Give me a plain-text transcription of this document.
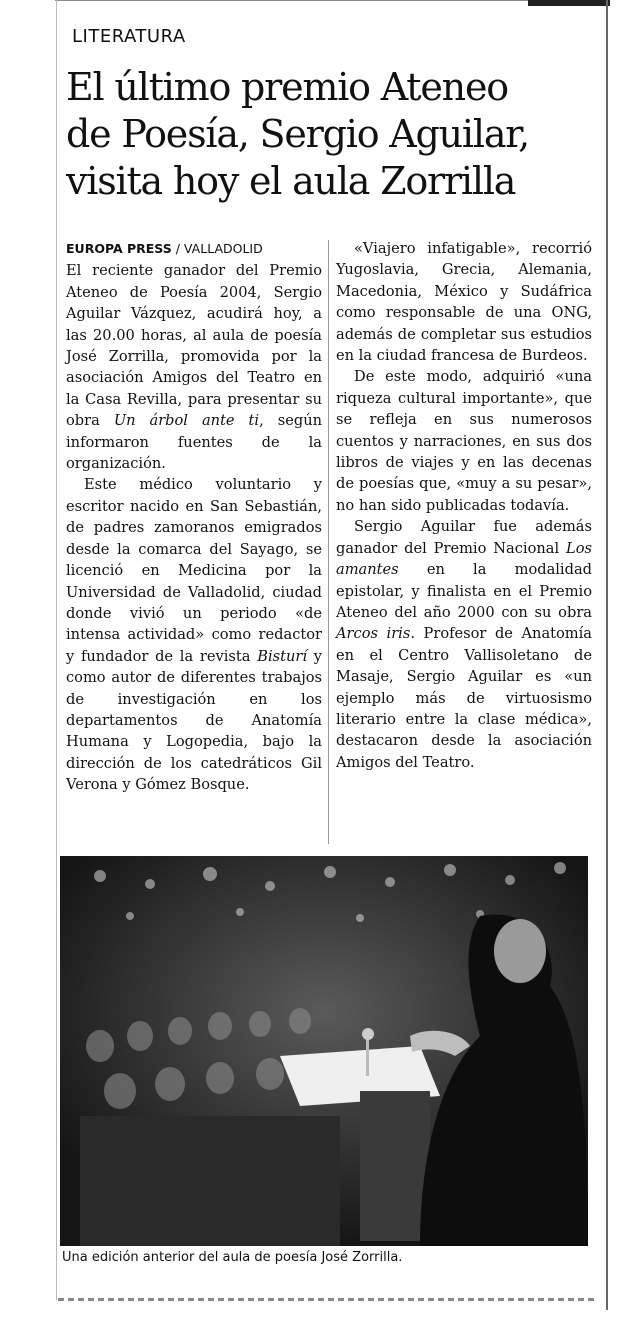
LITERATURA
El último premio Ateneo
de Poesía, Sergio Aguilar,
visita hoy el aula Zorrilla
EUROPA PRESS / VALLADOLID

El reciente ganador del Premio Ateneo de Poesía 2004, Sergio Aguilar Vázquez, acudirá hoy, a las 20.00 horas, al aula de poesía José Zorrilla, promovida por la asociación Amigos del Teatro en la Casa Revilla, para presentar su obra Un árbol ante ti, según informaron fuentes de la organización.

Este médico voluntario y escritor nacido en San Sebastián, de padres zamoranos emigrados desde la comarca del Sayago, se licenció en Medicina por la Universidad de Valladolid, ciudad donde vivió un periodo «de intensa actividad» como redactor y fundador de la revista Bisturí y como autor de diferentes trabajos de investigación en los departamentos de Anatomía Humana y Logopedia, bajo la dirección de los catedráticos Gil Verona y Gómez Bosque.

«Viajero infatigable», recorrió Yugoslavia, Grecia, Alemania, Macedonia, México y Sudáfrica como responsable de una ONG, además de completar sus estudios en la ciudad francesa de Burdeos.

De este modo, adquirió «una riqueza cultural importante», que se refleja en sus numerosos cuentos y narraciones, en sus dos libros de viajes y en las decenas de poesías que, «muy a su pesar», no han sido publicadas todavía.

Sergio Aguilar fue además ganador del Premio Nacional Los amantes en la modalidad epistolar, y finalista en el Premio Ateneo del año 2000 con su obra Arcos iris. Profesor de Anatomía en el Centro Vallisoletano de Masaje, Sergio Aguilar es «un ejemplo más de virtuosismo literario entre la clase médica», destacaron desde la asociación Amigos del Teatro.

Una edición anterior del aula de poesía José Zorrilla.
